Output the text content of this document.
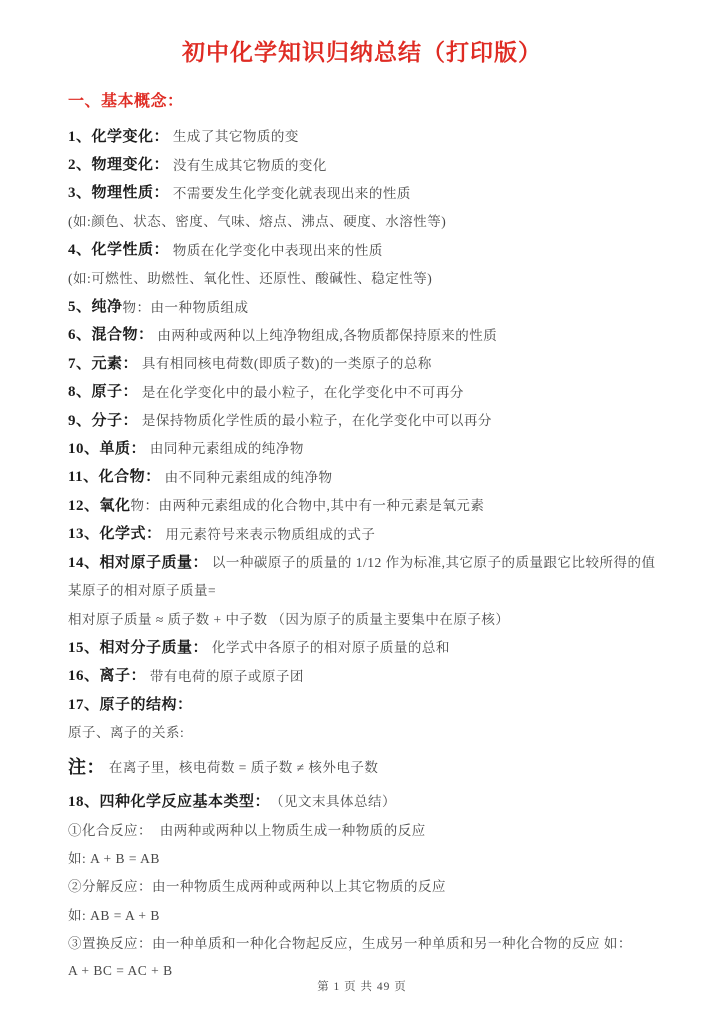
初中化学知识归纳总结（打印版）
一、基本概念：
1、化学变化： 生成了其它物质的变
2、物理变化： 没有生成其它物质的变化
3、物理性质： 不需要发生化学变化就表现出来的性质
(如:颜色、状态、密度、气味、熔点、沸点、硬度、水溶性等)
4、化学性质： 物质在化学变化中表现出来的性质
(如:可燃性、助燃性、氧化性、还原性、酸碱性、稳定性等)
5、纯净 物：由一种物质组成
6、混合物： 由两种或两种以上纯净物组成,各物质都保持原来的性质
7、元素： 具有相同核电荷数(即质子数)的一类原子的总称
8、原子： 是在化学变化中的最小粒子，在化学变化中不可再分
9、分子： 是保持物质化学性质的最小粒子，在化学变化中可以再分
10、单质： 由同种元素组成的纯净物
11、化合物： 由不同种元素组成的纯净物
12、氧化 物：由两种元素组成的化合物中,其中有一种元素是氧元素
13、化学式： 用元素符号来表示物质组成的式子
14、相对原子质量： 以一种碳原子的质量的 1/12 作为标准,其它原子的质量跟它比较所得的值
某原子的相对原子质量=
相对原子质量 ≈ 质子数 + 中子数 （因为原子的质量主要集中在原子核）
15、相对分子质量： 化学式中各原子的相对原子质量的总和
16、离子： 带有电荷的原子或原子团
17、原子的结构：
原子、离子的关系:
注： 在离子里，核电荷数 = 质子数 ≠ 核外电子数
18、四种化学反应基本类型： （见文末具体总结）
①化合反应：  由两种或两种以上物质生成一种物质的反应
如: A + B = AB
②分解反应：由一种物质生成两种或两种以上其它物质的反应
如: AB = A + B
③置换反应：由一种单质和一种化合物起反应，生成另一种单质和另一种化合物的反应 如：
A + BC = AC + B
第 1 页 共 49 页
